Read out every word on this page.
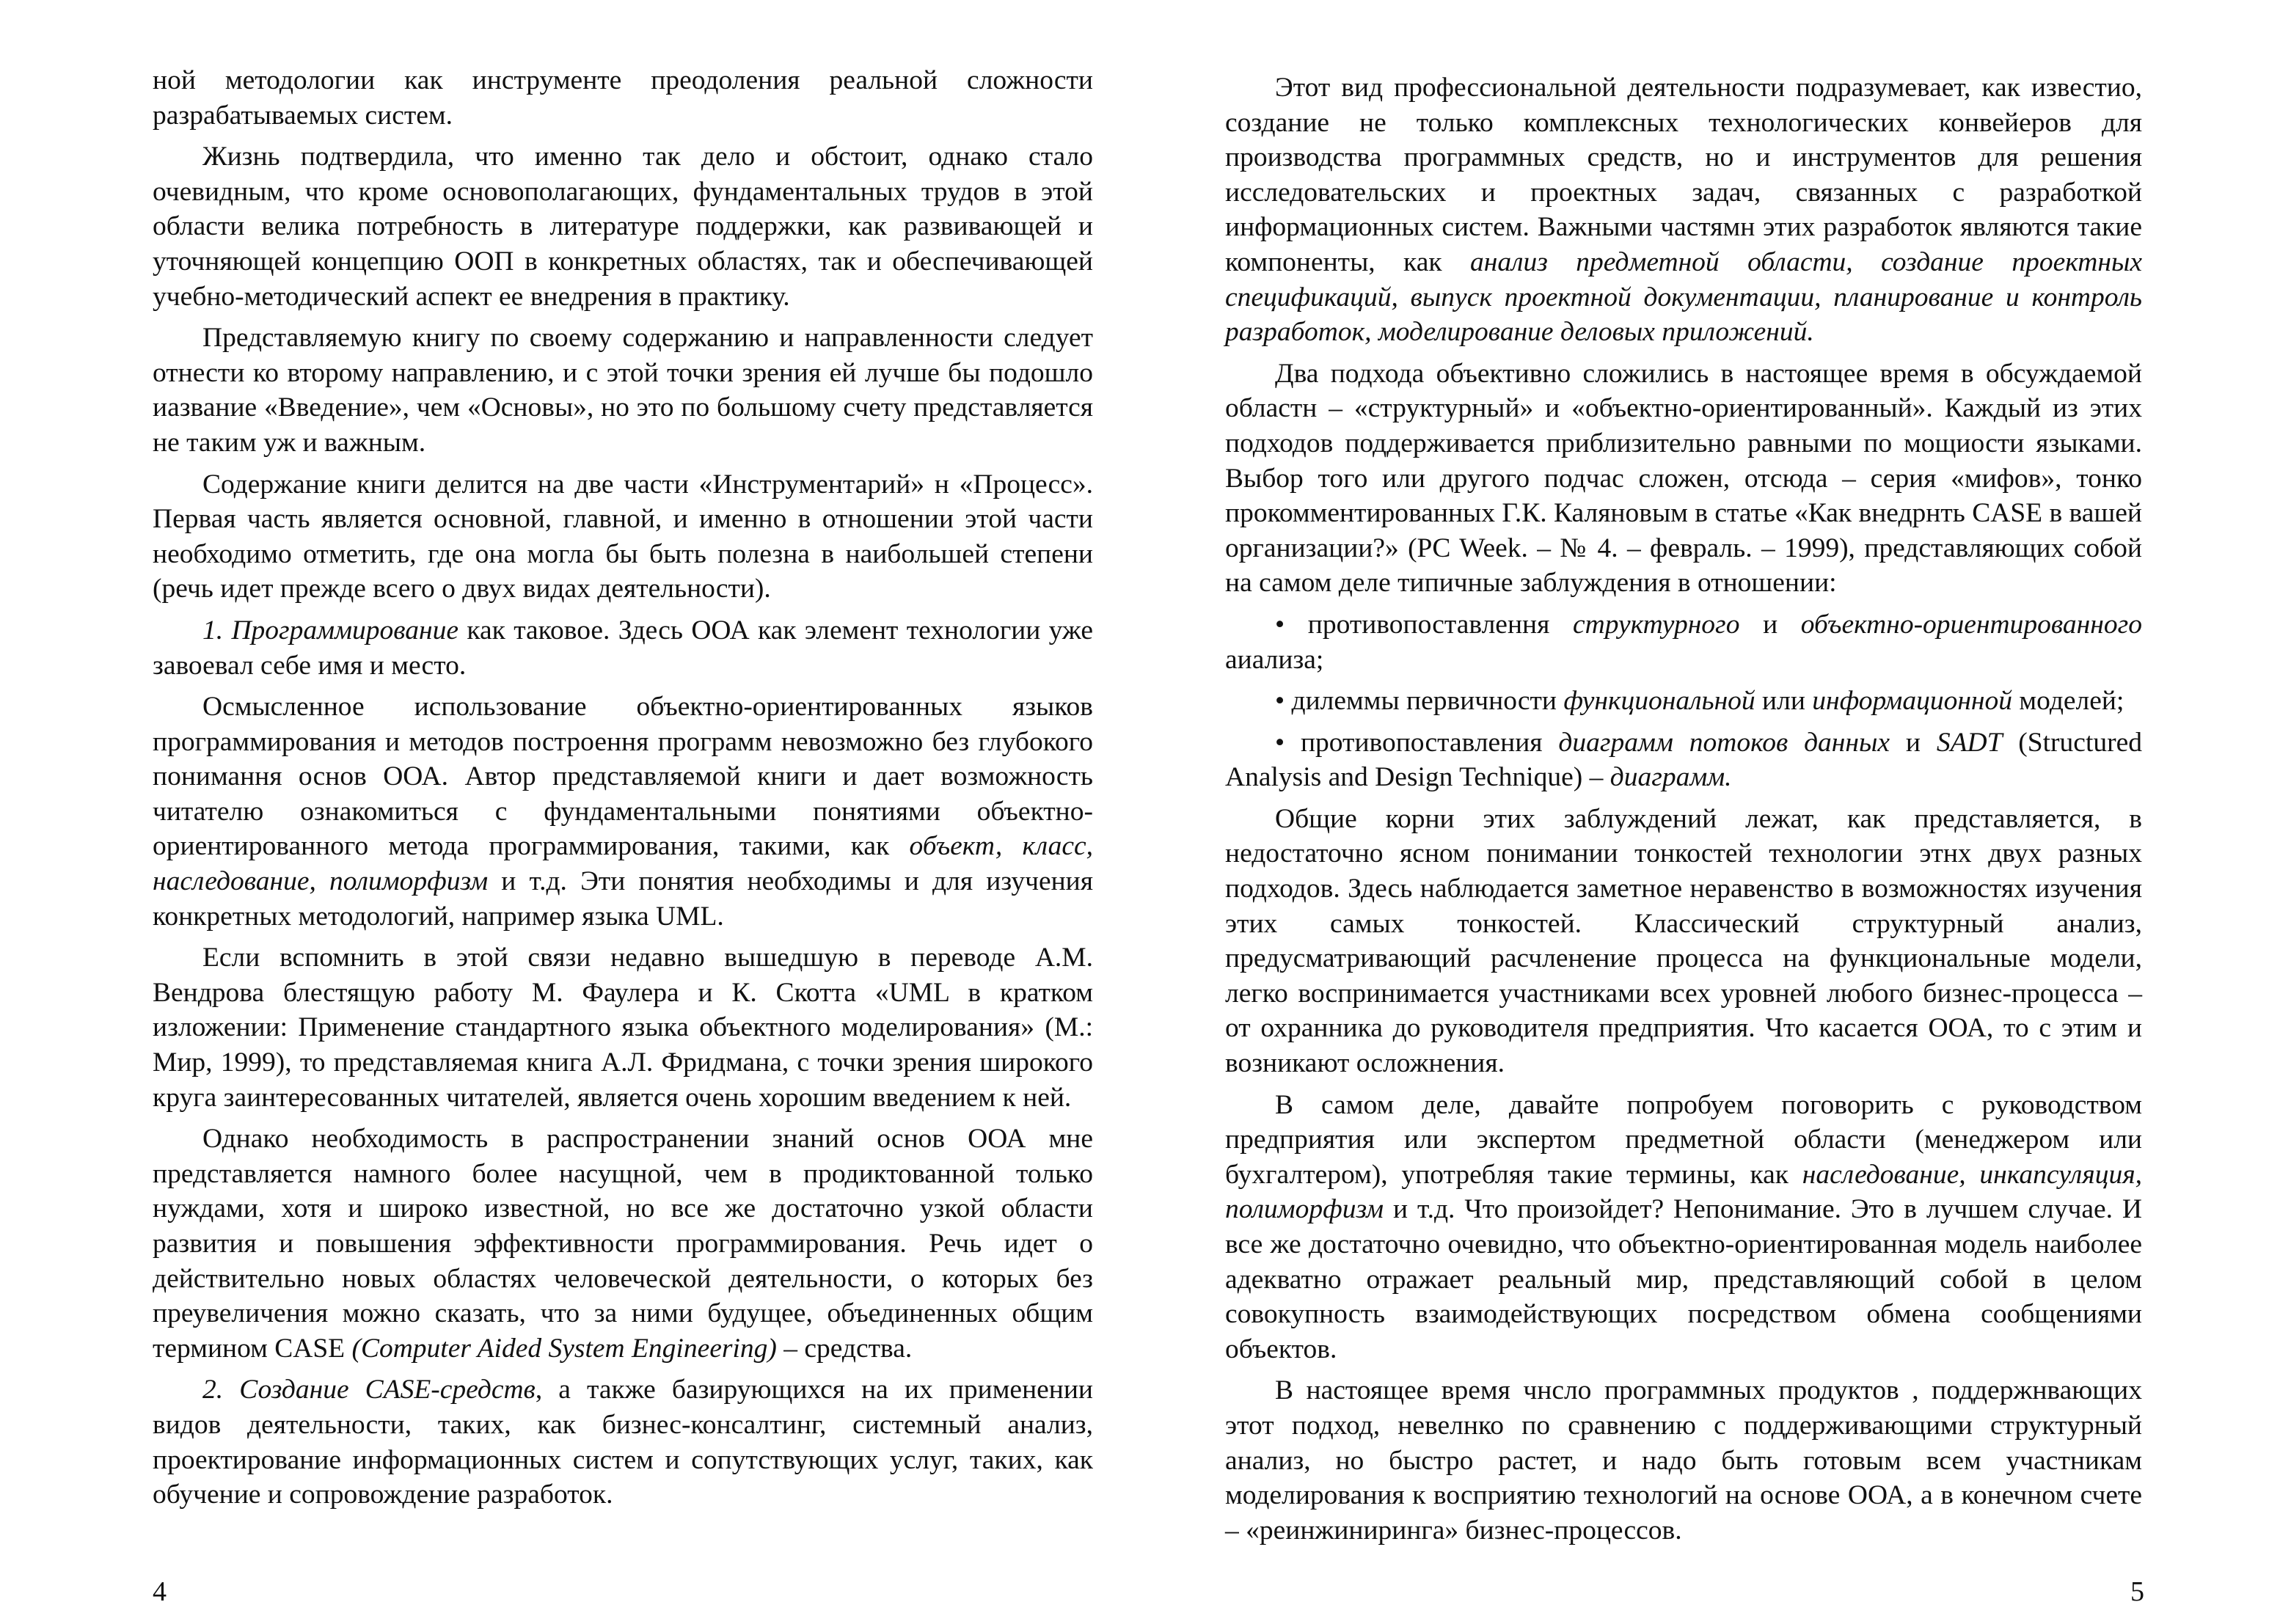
ной методологии как инструменте преодоления реальной сложности разрабатываемых систем.

Жизнь подтвердила, что именно так дело и обстоит, однако стало очевидным, что кроме основополагающих, фундаментальных трудов в этой области велика потребность в литературе поддержки, как развивающей и уточняющей концепцию ООП в конкретных областях, так и обеспечивающей учебно-методический аспект ее внедрения в практику.

Представляемую книгу по своему содержанию и направленности следует отнести ко второму направлению, и с этой точки зрения ей лучше бы подошло иазвание «Введение», чем «Основы», но это по большому счету представляется не таким уж и важным.

Содержание книги делится на две части «Инструментарий» н «Процесс». Первая часть является основной, главной, и именно в отношении этой части необходимо отметить, где она могла бы быть полезна в наибольшей степени (речь идет прежде всего о двух видах деятельности).

1. Программирование как таковое. Здесь ООА как элемент технологии уже завоевал себе имя и место.

Осмысленное использование объектно-ориентированных языков программирования и методов построення программ невозможно без глубокого понимання основ ООА. Автор представляемой книги и дает возможность читателю ознакомиться с фундаментальными понятиями объектно-ориентированного метода программирования, такими, как объект, класс, наследование, полиморфизм и т.д. Эти понятия необходимы и для изучения конкретных методологий, например языка UML.

Если вспомнить в этой связи недавно вышедшую в переводе А.М. Вендрова блестящую работу М. Фаулера и К. Скотта «UML в кратком изложении: Применение стандартного языка объектного моделирования» (М.: Мир, 1999), то представляемая книга А.Л. Фридмана, с точки зрения широкого круга заинтересованных читателей, является очень хорошим введением к ней.

Однако необходимость в распространении знаний основ ООА мне представляется намного более насущной, чем в продиктованной только нуждами, хотя и широко известной, но все же достаточно узкой области развития и повышения эффективности программирования. Речь идет о действительно новых областях человеческой деятельности, о которых без преувеличения можно сказать, что за ними будущее, объединенных общим термином CASE (Computer Aided System Engineering) – средства.

2. Создание CASE-средств, а также базирующихся на их применении видов деятельности, таких, как бизнес-консалтинг, системный анализ, проектирование информационных систем и сопутствующих услуг, таких, как обучение и сопровождение разработок.

4

Этот вид профессиональной деятельности подразумевает, как известио, создание не только комплексных технологических конвейеров для производства программных средств, но и инструментов для решения исследовательских и проектных задач, связанных с разработкой информационных систем. Важными частямн этих разработок являются такие компоненты, как анализ предметной области, создание проектных спецификаций, выпуск проектной документации, планирование и контроль разработок, моделирование деловых приложений.

Два подхода объективно сложились в настоящее время в обсуждаемой областн – «структурный» и «объектно-ориентированный». Каждый из этих подходов поддерживается приблизительно равными по мощиости языками. Выбор того или другого подчас сложен, отсюда – серия «мифов», тонко прокомментированных Г.К. Каляновым в статье «Как внедрнть CASE в вашей организации?» (PC Week. – № 4. – февраль. – 1999), представляющих собой на самом деле типичные заблуждения в отношении:

• противопоставлення структурного и объектно-ориентированного аиализа;

• дилеммы первичности функциональной или информационной моделей;

• противопоставления диаграмм потоков данных и SADT (Structured Analysis and Design Technique) – диаграмм.

Общие корни этих заблуждений лежат, как представляется, в недостаточно ясном понимании тонкостей технологии этнх двух разных подходов. Здесь наблюдается заметное неравенство в возможностях изучения этих самых тонкостей. Классический структурный анализ, предусматривающий расчленение процесса на функциональные модели, легко воспринимается участниками всех уровней любого бизнес-процесса – от охранника до руководителя предприятия. Что касается ООА, то с этим и возникают осложнения.

В самом деле, давайте попробуем поговорить с руководством предприятия или экспертом предметной области (менеджером или бухгалтером), употребляя такие термины, как наследование, инкапсуляция, полиморфизм и т.д. Что произойдет? Непонимание. Это в лучшем случае. И все же достаточно очевидно, что объектно-ориентированная модель наиболее адекватно отражает реальный мир, представляющий собой в целом совокупность взаимодействующих посредством обмена сообщениями объектов.

В настоящее время чнсло программных продуктов , поддержнвающих этот подход, невелнко по сравнению с поддерживающими структурный анализ, но быстро растет, и надо быть готовым всем участникам моделирования к восприятию технологий на основе ООА, а в конечном счете – «реинжиниринга» бизнес-процессов.

5
